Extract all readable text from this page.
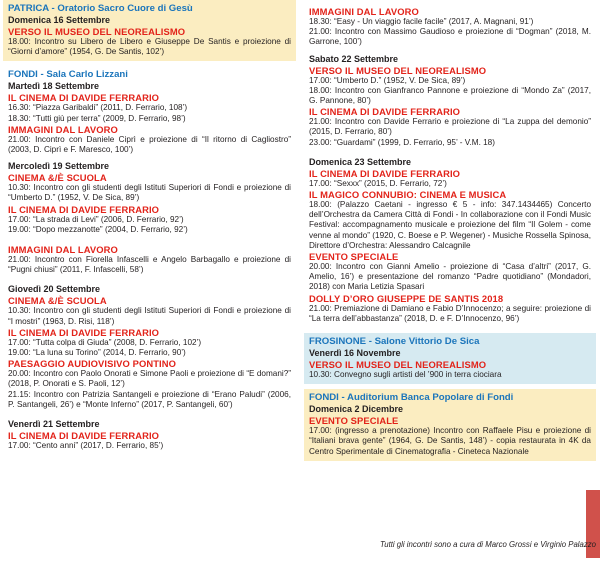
PATRICA - Oratorio Sacro Cuore di Gesù
Domenica 16 Settembre
VERSO IL MUSEO DEL NEOREALISMO
18.00: Incontro su Libero de Libero e Giuseppe De Santis e proiezione di “Giorni d’amore” (1954, G. De Santis, 102’)
FONDI - Sala Carlo Lizzani
Martedì 18 Settembre
IL CINEMA DI DAVIDE FERRARIO
16.30: “Piazza Garibaldi” (2011, D. Ferrario, 108’)
18.30: “Tutti giù per terra” (2009, D. Ferrario, 98’)
IMMAGINI DAL LAVORO
21.00: Incontro con Daniele Ciprì e proiezione di “Il ritorno di Cagliostro” (2003, D. Ciprì e F. Maresco, 100’)
Mercoledì 19 Settembre
CINEMA &/È SCUOLA
10.30: Incontro con gli studenti degli Istituti Superiori di Fondi e proiezione di “Umberto D.” (1952, V. De Sica, 89’)
IL CINEMA DI DAVIDE FERRARIO
17.00: “La strada di Levi” (2006, D. Ferrario, 92’)
19.00: “Dopo mezzanotte” (2004, D. Ferrario, 92’)
IMMAGINI DAL LAVORO
21.00: Incontro con Fiorella Infascelli e Angelo Barbagallo e proiezione di “Pugni chiusi” (2011, F. Infascelli, 58’)
Giovedì 20 Settembre
CINEMA &/È SCUOLA
10.30: Incontro con gli studenti degli Istituti Superiori di Fondi e proiezione di “I mostri” (1963, D. Risi, 118’)
IL CINEMA DI DAVIDE FERRARIO
17.00: “Tutta colpa di Giuda” (2008, D. Ferrario, 102’)
19.00: “La luna su Torino” (2014, D. Ferrario, 90’)
PAESAGGIO AUDIOVISIVO PONTINO
20.00: Incontro con Paolo Onorati e Simone Paoli e proiezione di “E domani?” (2018, P. Onorati e S. Paoli, 12’)
21.15: Incontro con Patrizia Santangeli e proiezione di “Erano Paludi” (2006, P. Santangeli, 26’) e “Monte Inferno” (2017, P. Santangeli, 60’)
Venerdì 21 Settembre
IL CINEMA DI DAVIDE FERRARIO
17.00: “Cento anni” (2017, D. Ferrario, 85’)
IMMAGINI DAL LAVORO
18.30: “Easy - Un viaggio facile facile” (2017, A. Magnani, 91’)
21.00: Incontro con Massimo Gaudioso e proiezione di “Dogman” (2018, M. Garrone, 100’)
Sabato 22 Settembre
VERSO IL MUSEO DEL NEOREALISMO
17.00: “Umberto D.” (1952, V. De Sica, 89’)
18.00: Incontro con Gianfranco Pannone e proiezione di “Mondo Za” (2017, G. Pannone, 80’)
IL CINEMA DI DAVIDE FERRARIO
21.00: Incontro con Davide Ferrario e proiezione di “La zuppa del demonio” (2015, D. Ferrario, 80’)
23.00: “Guardami” (1999, D. Ferrario, 95’ - V.M. 18)
Domenica 23 Settembre
IL CINEMA DI DAVIDE FERRARIO
17.00: “Sexxx” (2015, D. Ferrario, 72’)
IL MAGICO CONNUBIO: CINEMA E MUSICA
18.00: (Palazzo Caetani - ingresso € 5 - info: 347.1434465) Concerto dell’Orchestra da Camera Città di Fondi - In collaborazione con il Fondi Music Festival: accompagnamento musicale e proiezione del film “Il Golem - come venne al mondo” (1920, C. Boese e P. Wegener) - Musiche Rossella Spinosa, Direttore d’Orchestra: Alessandro Calcagnile
EVENTO SPECIALE
20.00: Incontro con Gianni Amelio - proiezione di “Casa d’altri” (2017, G. Amelio, 16’) e presentazione del romanzo “Padre quotidiano” (Mondadori, 2018) con Maria Letizia Spasari
DOLLY D’ORO GIUSEPPE DE SANTIS 2018
21.00: Premiazione di Damiano e Fabio D’Innocenzo; a seguire: proiezione di “La terra dell’abbastanza” (2018, D. e F. D’Innocenzo, 96’)
FROSINONE - Salone Vittorio De Sica
Venerdì 16 Novembre
VERSO IL MUSEO DEL NEOREALISMO
10.30: Convegno sugli artisti del ’900 in terra ciociara
FONDI - Auditorium Banca Popolare di Fondi
Domenica 2 Dicembre
EVENTO SPECIALE
17.00: (ingresso a prenotazione) Incontro con Raffaele Pisu e proiezione di “Italiani brava gente” (1964, G. De Santis, 148’) - copia restaurata in 4K da Centro Sperimentale di Cinematografia - Cineteca Nazionale
Tutti gli incontri sono a cura di Marco Grossi e Virginio Palazzo
